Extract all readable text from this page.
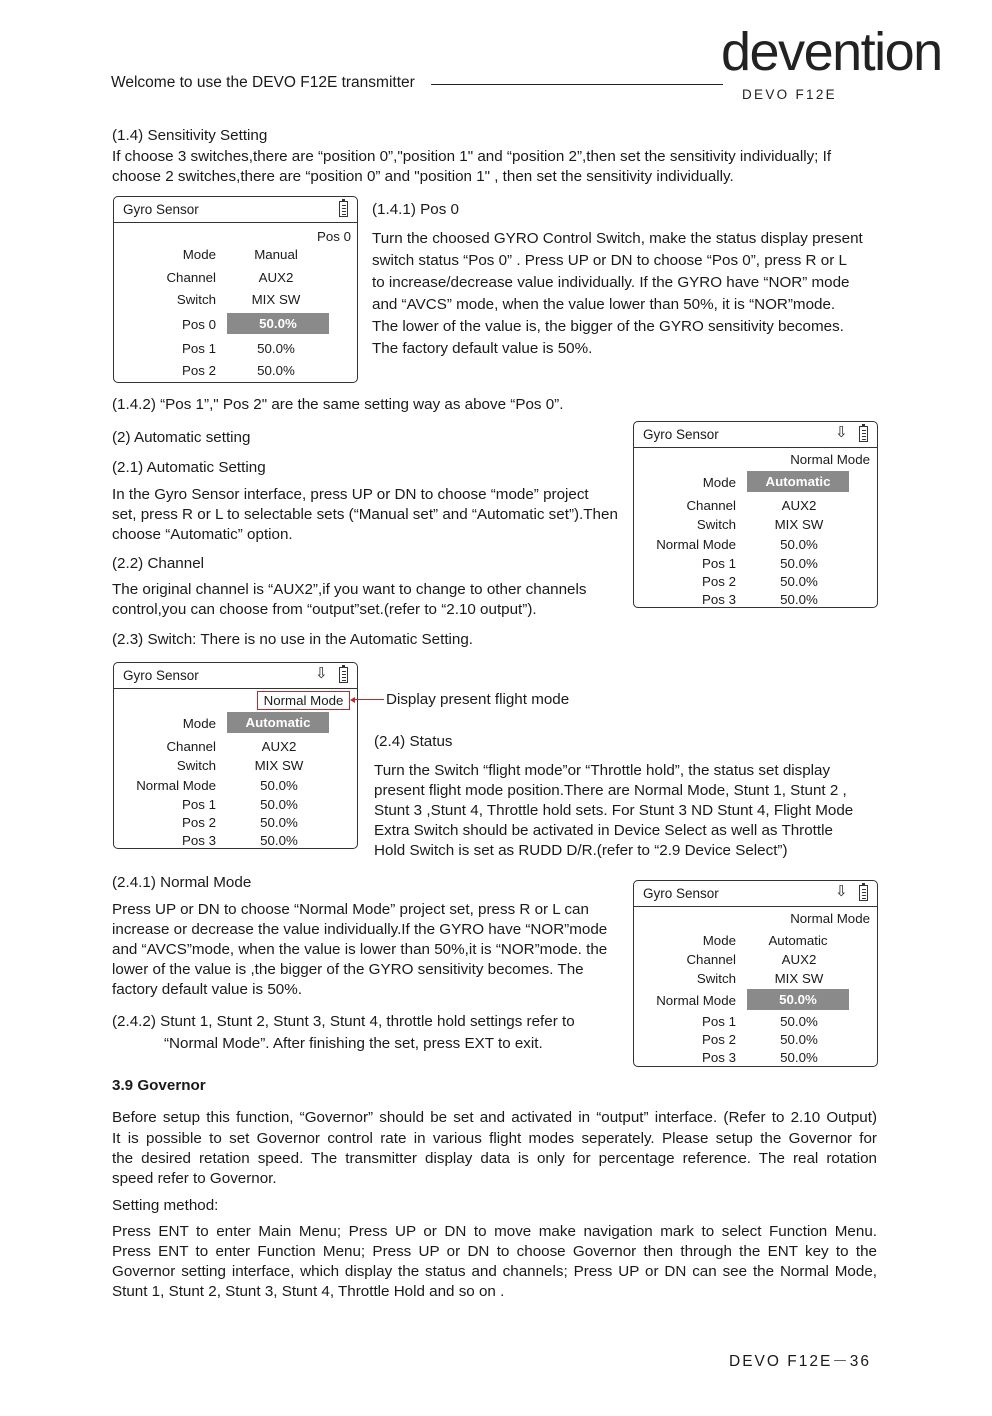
Welcome to use the DEVO F12E transmitter
devention
DEVO F12E
(1.4) Sensitivity Setting
If choose 3 switches,there are “position 0”,"position 1" and “position 2”,then set the sensitivity individually; If
choose 2 switches,there are “position 0” and "position 1" , then set the sensitivity individually.
Gyro Sensor
Pos 0
Mode	Manual
Channel	AUX2
Switch	MIX SW
Pos 0	50.0%
Pos 1	50.0%
Pos 2	50.0%
(1.4.1) Pos 0
Turn the choosed GYRO Control Switch, make the status display present
switch status “Pos 0” . Press UP or DN to choose “Pos 0”, press R or L
to increase/decrease value individually. If the GYRO have “NOR” mode
and “AVCS” mode, when the value lower than 50%, it is “NOR”mode.
The lower of the value is, the bigger of the GYRO sensitivity becomes.
The factory default value is 50%.
(1.4.2) “Pos 1”," Pos 2" are the same setting way as above “Pos 0”.
(2) Automatic setting
(2.1) Automatic Setting
In the Gyro Sensor interface, press UP or DN to choose “mode” project
set, press R or L to selectable sets (“Manual set” and “Automatic set”).Then
choose “Automatic” option.
(2.2) Channel
The original channel is “AUX2”,if you want to change to other channels
control,you can choose from “output”set.(refer to “2.10 output”).
(2.3) Switch: There is no use in the Automatic Setting.
Gyro Sensor	⇩
Normal Mode
Mode	Automatic
Channel	AUX2
Switch	MIX SW
Normal Mode	50.0%
Pos 1	50.0%
Pos 2	50.0%
Pos 3	50.0%
Gyro Sensor	⇩
Normal Mode
Mode	Automatic
Channel	AUX2
Switch	MIX SW
Normal Mode	50.0%
Pos 1	50.0%
Pos 2	50.0%
Pos 3	50.0%
Display present flight mode
(2.4) Status
Turn the Switch “flight mode”or “Throttle hold”, the status set display
present flight mode position.There are Normal Mode, Stunt 1, Stunt 2 ,
Stunt 3 ,Stunt 4, Throttle hold sets. For Stunt 3 ND Stunt 4, Flight Mode
Extra Switch should be activated in Device Select as well as Throttle
Hold Switch is set as RUDD D/R.(refer to “2.9 Device Select”)
(2.4.1) Normal Mode
Press UP or DN to choose “Normal Mode” project set, press R or L can
increase or decrease the value individually.If the GYRO have “NOR”mode
and “AVCS”mode, when the value is lower than 50%,it is “NOR”mode. the
lower of the value is ,the bigger of the GYRO sensitivity becomes. The
factory default value is 50%.
(2.4.2) Stunt 1, Stunt 2, Stunt 3, Stunt 4, throttle hold settings refer to
“Normal Mode”. After finishing the set, press EXT to exit.
Gyro Sensor	⇩
Normal Mode
Mode	Automatic
Channel	AUX2
Switch	MIX SW
Normal Mode	50.0%
Pos 1	50.0%
Pos 2	50.0%
Pos 3	50.0%
3.9 Governor
Before setup this function, “Governor” should be set and activated in “output” interface. (Refer to 2.10 Output)
It is possible to set Governor control rate in various flight modes seperately. Please setup the Governor for
the desired retation speed. The transmitter display data is only for percentage reference. The real rotation
speed refer to Governor.
Setting method:
Press ENT to enter Main Menu; Press UP or DN to move make navigation mark to select Function Menu.
Press ENT to enter Function Menu; Press UP or DN to choose Governor then through the ENT key to the
Governor setting interface, which display the status and channels; Press UP or DN can see the Normal Mode,
Stunt 1, Stunt 2, Stunt 3, Stunt 4, Throttle Hold and so on .
DEVO F12E－36
